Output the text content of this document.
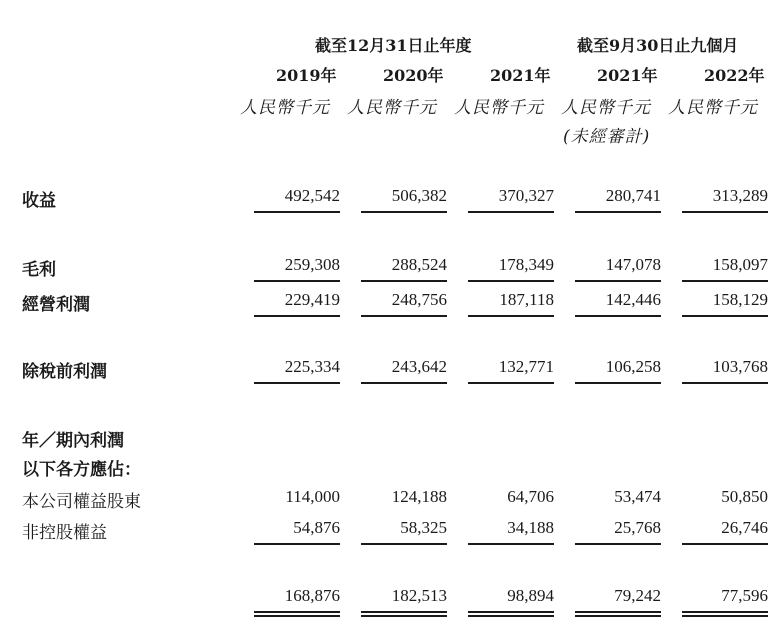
截至12月31日止年度	截至9月30日止九個月
2019年	2020年	2021年	2021年	2022年
人民幣千元 人民幣千元 人民幣千元 人民幣千元 人民幣千元
(未經審計)
收益	492,542	506,382	370,327	280,741	313,289
毛利	259,308	288,524	178,349	147,078	158,097
經營利潤	229,419	248,756	187,118	142,446	158,129
除稅前利潤	225,334	243,642	132,771	106,258	103,768
年／期內利潤
以下各方應佔：
本公司權益股東	114,000	124,188	64,706	53,474	50,850
非控股權益	54,876	58,325	34,188	25,768	26,746
168,876	182,513	98,894	79,242	77,596
